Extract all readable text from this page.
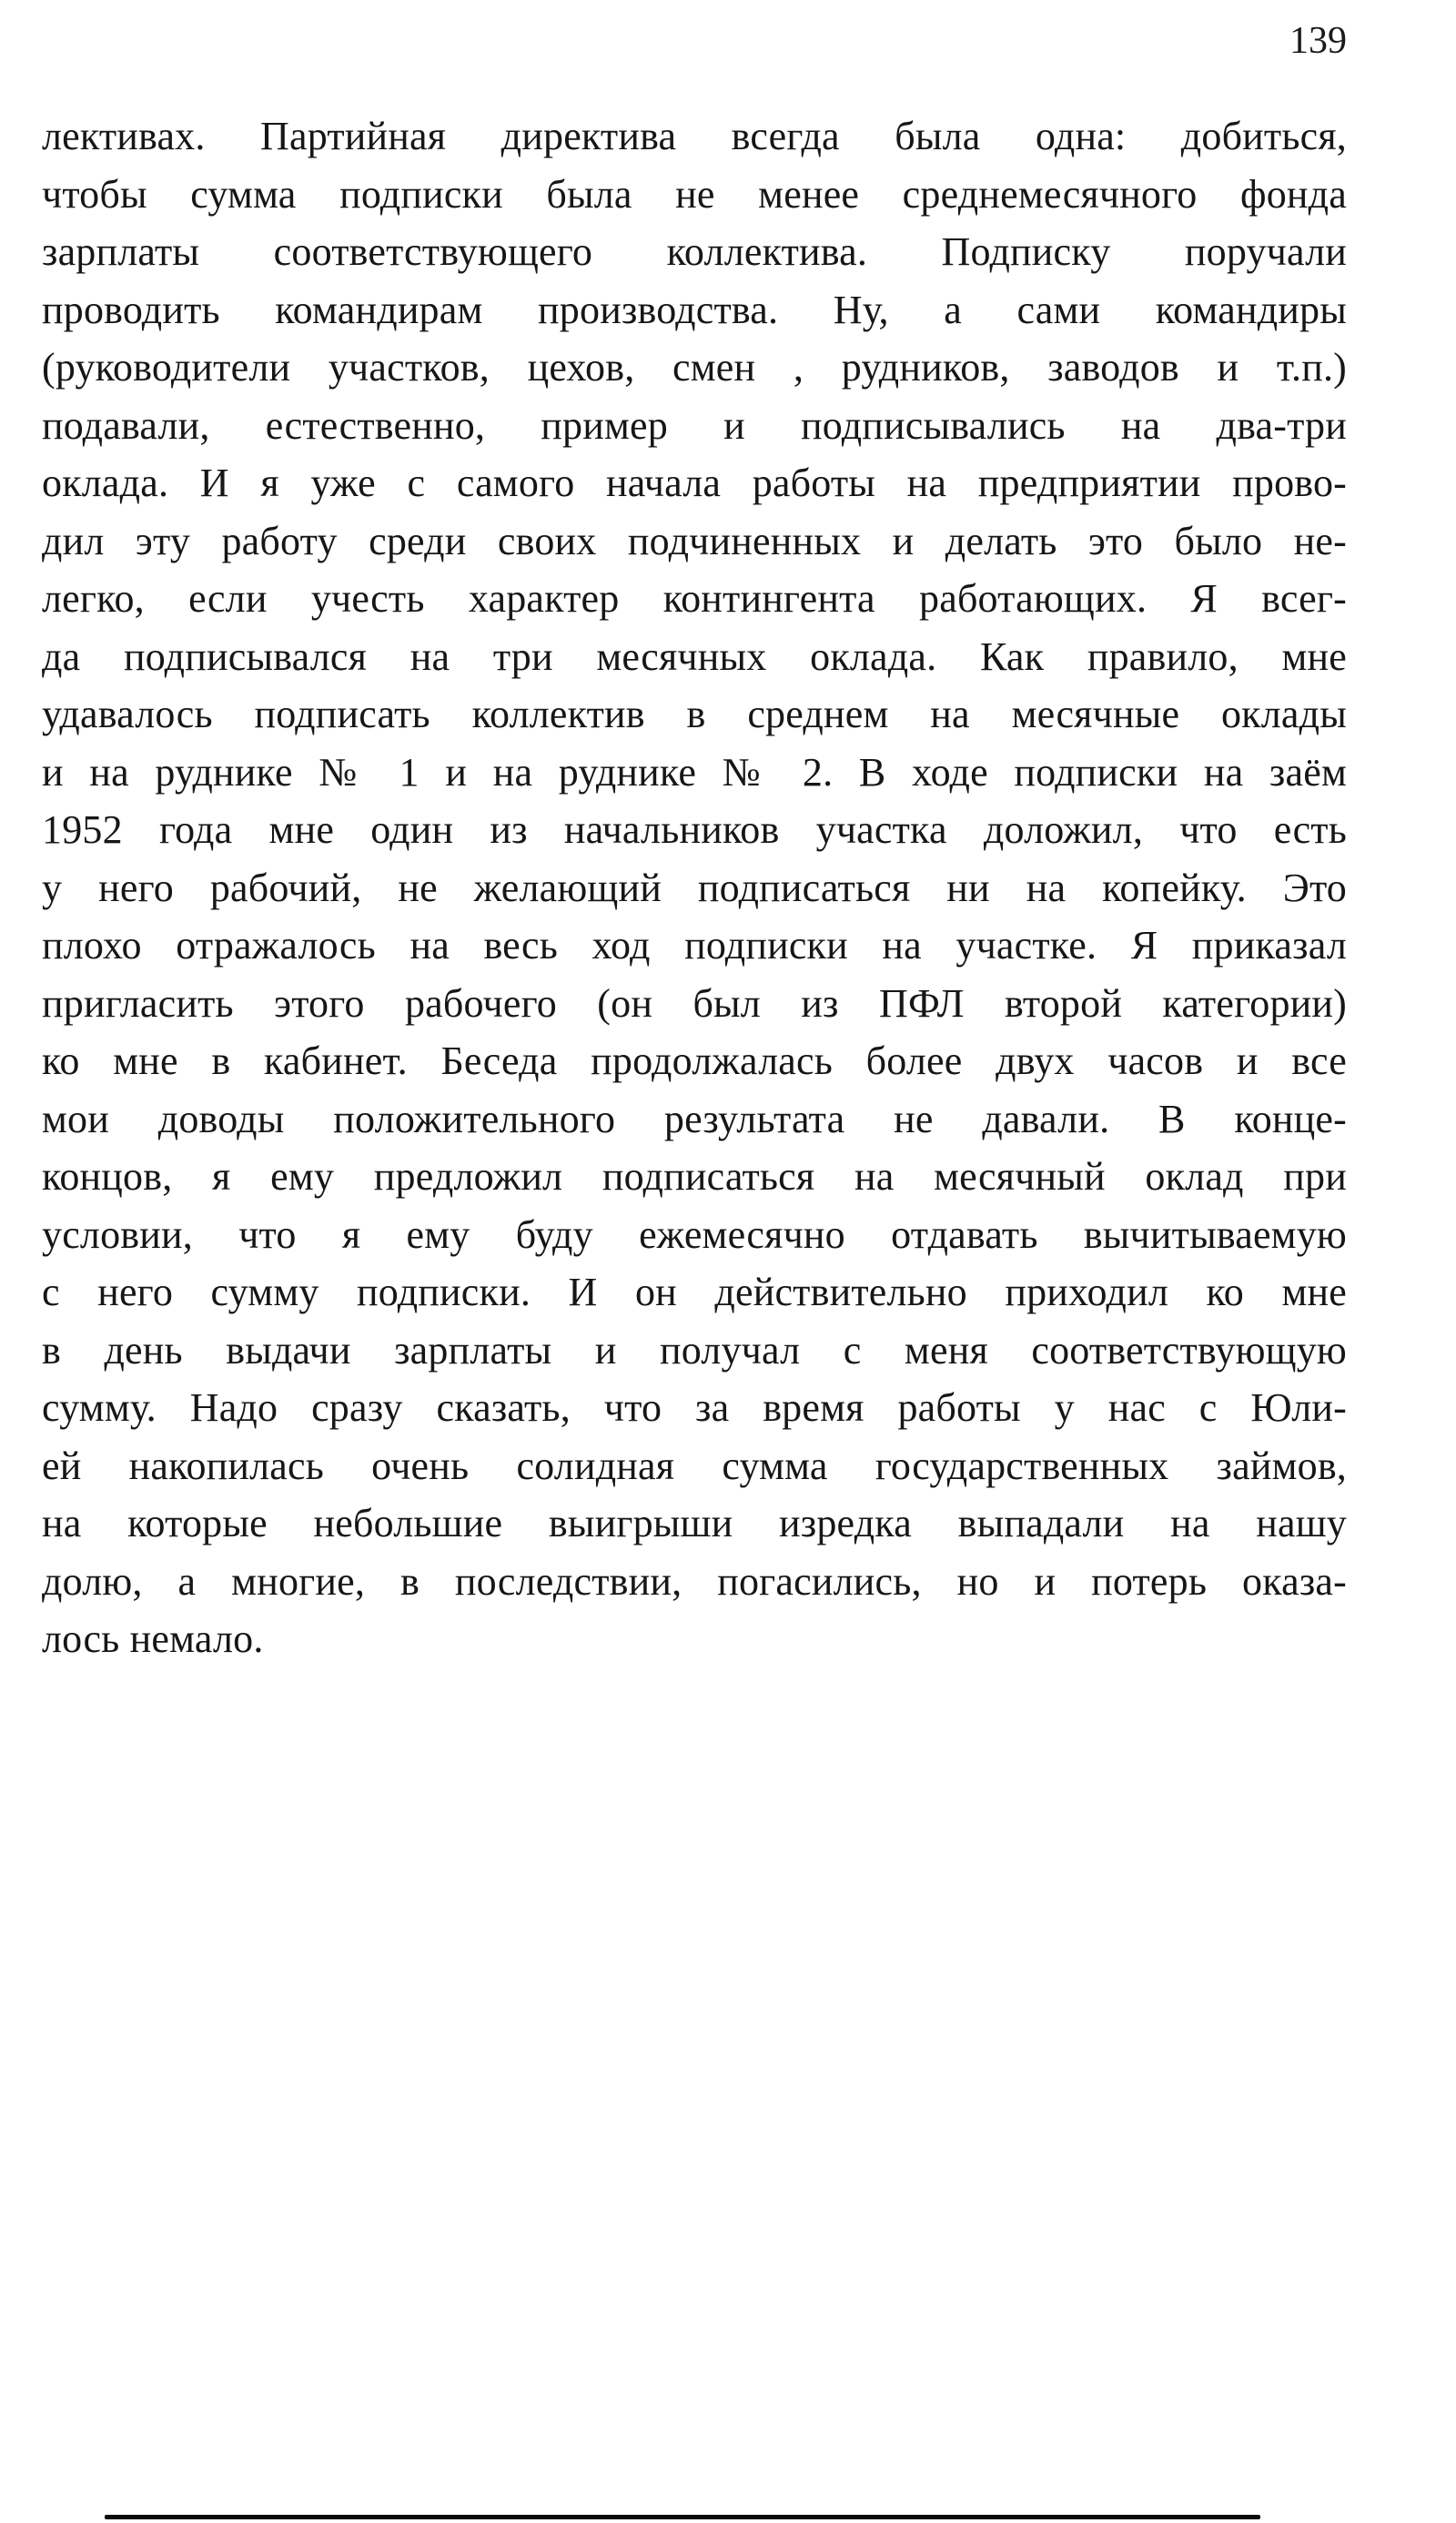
139
лективах. Партийная директива всегда была одна: добиться,
чтобы сумма подписки была не менее среднемесячного фонда
зарплаты соответствующего коллектива. Подписку поручали
проводить командирам производства. Ну, а сами командиры
(руководители участков, цехов, смен , рудников, заводов и т.п.)
подавали, естественно, пример и подписывались на два-три
оклада. И я уже с самого начала работы на предприятии прово-
дил эту работу среди своих подчиненных и делать это было не-
легко, если учесть характер контингента работающих. Я всег-
да подписывался на три месячных оклада. Как правило, мне
удавалось подписать коллектив в среднем на месячные оклады
и на руднике № 1 и на руднике № 2. В ходе подписки на заём
1952 года мне один из начальников участка доложил, что есть
у него рабочий, не желающий подписаться ни на копейку. Это
плохо отражалось на весь ход подписки на участке. Я приказал
пригласить этого рабочего (он был из ПФЛ второй категории)
ко мне в кабинет. Беседа продолжалась более двух часов и все
мои доводы положительного результата не давали. В конце-
концов, я ему предложил подписаться на месячный оклад при
условии, что я ему буду ежемесячно отдавать вычитываемую
с него сумму подписки. И он действительно приходил ко мне
в день выдачи зарплаты и получал с меня соответствующую
сумму. Надо сразу сказать, что за время работы у нас с Юли-
ей накопилась очень солидная сумма государственных займов,
на которые небольшие выигрыши изредка выпадали на нашу
долю, а многие, в последствии, погасились, но и потерь оказа-
лось немало.
